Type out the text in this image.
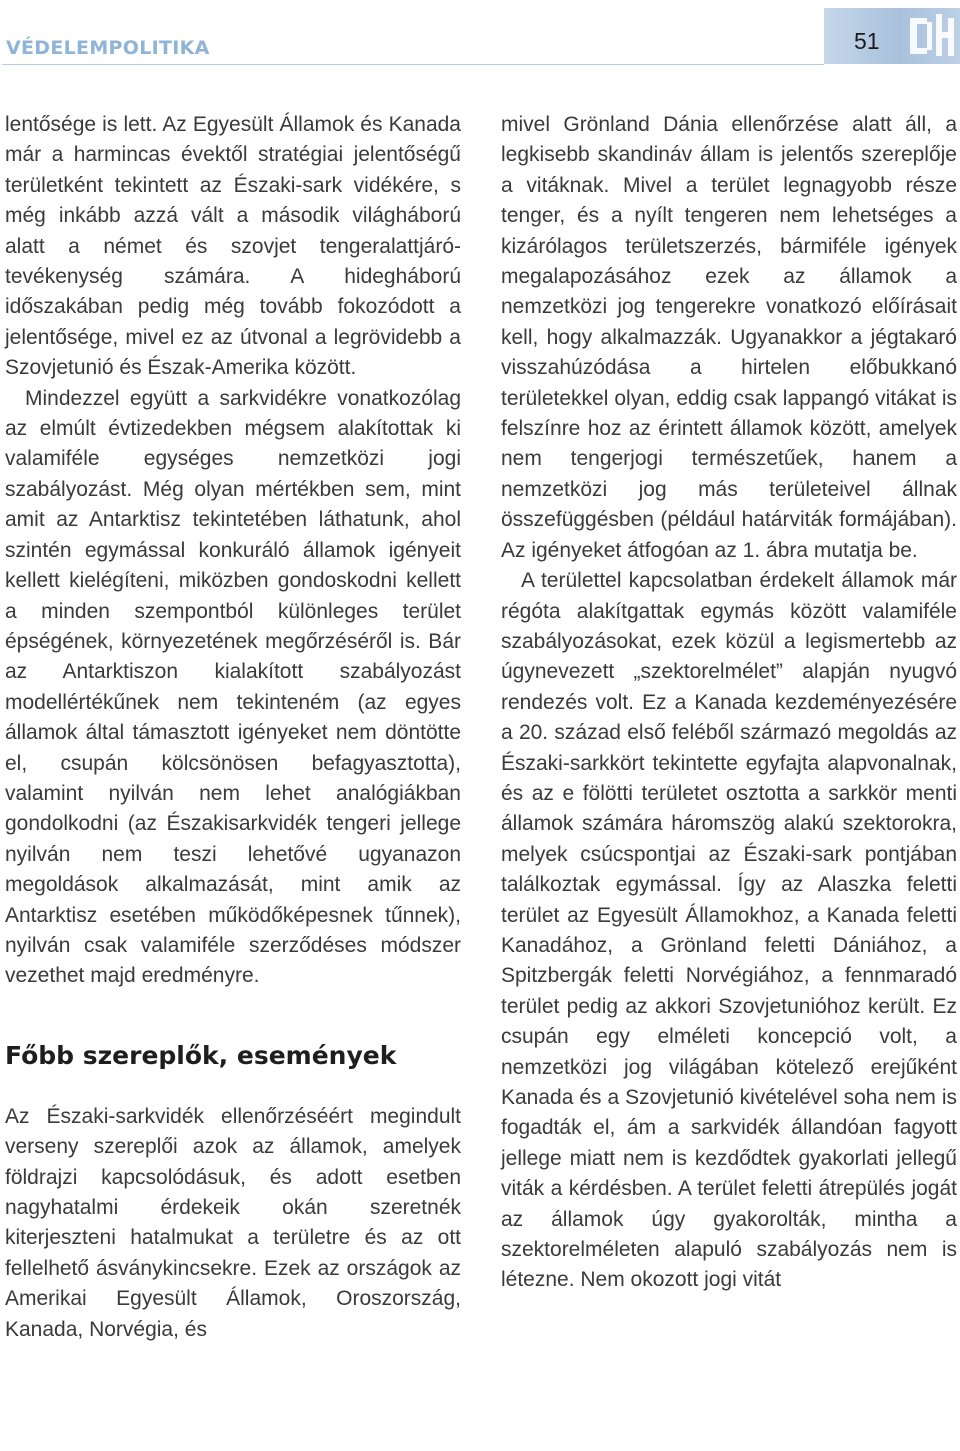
VÉDELEMPOLITIKA	51

lentősége is lett. Az Egyesült Államok és Kanada már a harmincas évektől stratégiai jelentőségű területként tekintett az Északi-sark vidékére, s még inkább azzá vált a második világháború alatt a német és szovjet tengeralattjáró-tevékenység számára. A hidegháború időszakában pedig még tovább fokozódott a jelentősége, mivel ez az útvonal a legrövidebb a Szovjetunió és Észak-Amerika között.

Mindezzel együtt a sarkvidékre vonatkozólag az elmúlt évtizedekben mégsem alakítottak ki valamiféle egységes nemzetközi jogi szabályozást. Még olyan mértékben sem, mint amit az Antarktisz tekintetében láthatunk, ahol szintén egymással konkuráló államok igényeit kellett kielégíteni, miközben gondoskodni kellett a minden szempontból különleges terület épségének, környezetének megőrzéséről is. Bár az Antarktiszon kialakított szabályozást modellértékűnek nem tekinteném (az egyes államok által támasztott igényeket nem döntötte el, csupán kölcsönösen befagyasztotta), valamint nyilván nem lehet analógiákban gondolkodni (az Északisarkvidék tengeri jellege nyilván nem teszi lehetővé ugyanazon megoldások alkalmazását, mint amik az Antarktisz esetében működőképesnek tűnnek), nyilván csak valamiféle szerződéses módszer vezethet majd eredményre.

Főbb szereplők, események

Az Északi-sarkvidék ellenőrzéséért megindult verseny szereplői azok az államok, amelyek földrajzi kapcsolódásuk, és adott esetben nagyhatalmi érdekeik okán szeretnék kiterjeszteni hatalmukat a területre és az ott fellelhető ásványkincsekre. Ezek az országok az Amerikai Egyesült Államok, Oroszország, Kanada, Norvégia, és

mivel Grönland Dánia ellenőrzése alatt áll, a legkisebb skandináv állam is jelentős szereplője a vitáknak. Mivel a terület legnagyobb része tenger, és a nyílt tengeren nem lehetséges a kizárólagos területszerzés, bármiféle igények megalapozásához ezek az államok a nemzetközi jog tengerekre vonatkozó előírásait kell, hogy alkalmazzák. Ugyanakkor a jégtakaró visszahúzódása a hirtelen előbukkanó területekkel olyan, eddig csak lappangó vitákat is felszínre hoz az érintett államok között, amelyek nem tengerjogi természetűek, hanem a nemzetközi jog más területeivel állnak összefüggésben (például határviták formájában). Az igényeket átfogóan az 1. ábra mutatja be.

A területtel kapcsolatban érdekelt államok már régóta alakítgattak egymás között valamiféle szabályozásokat, ezek közül a legismertebb az úgynevezett „szektorelmélet” alapján nyugvó rendezés volt. Ez a Kanada kezdeményezésére a 20. század első feléből származó megoldás az Északi-sarkkört tekintette egyfajta alapvonalnak, és az e fölötti területet osztotta a sarkkör menti államok számára háromszög alakú szektorokra, melyek csúcspontjai az Északi-sark pontjában találkoztak egymással. Így az Alaszka feletti terület az Egyesült Államokhoz, a Kanada feletti Kanadához, a Grönland feletti Dániához, a Spitzbergák feletti Norvégiához, a fennmaradó terület pedig az akkori Szovjetunióhoz került. Ez csupán egy elméleti koncepció volt, a nemzetközi jog világában kötelező erejűként Kanada és a Szovjetunió kivételével soha nem is fogadták el, ám a sarkvidék állandóan fagyott jellege miatt nem is kezdődtek gyakorlati jellegű viták a kérdésben. A terület feletti átrepülés jogát az államok úgy gyakorolták, mintha a szektorelméleten alapuló szabályozás nem is létezne. Nem okozott jogi vitát
